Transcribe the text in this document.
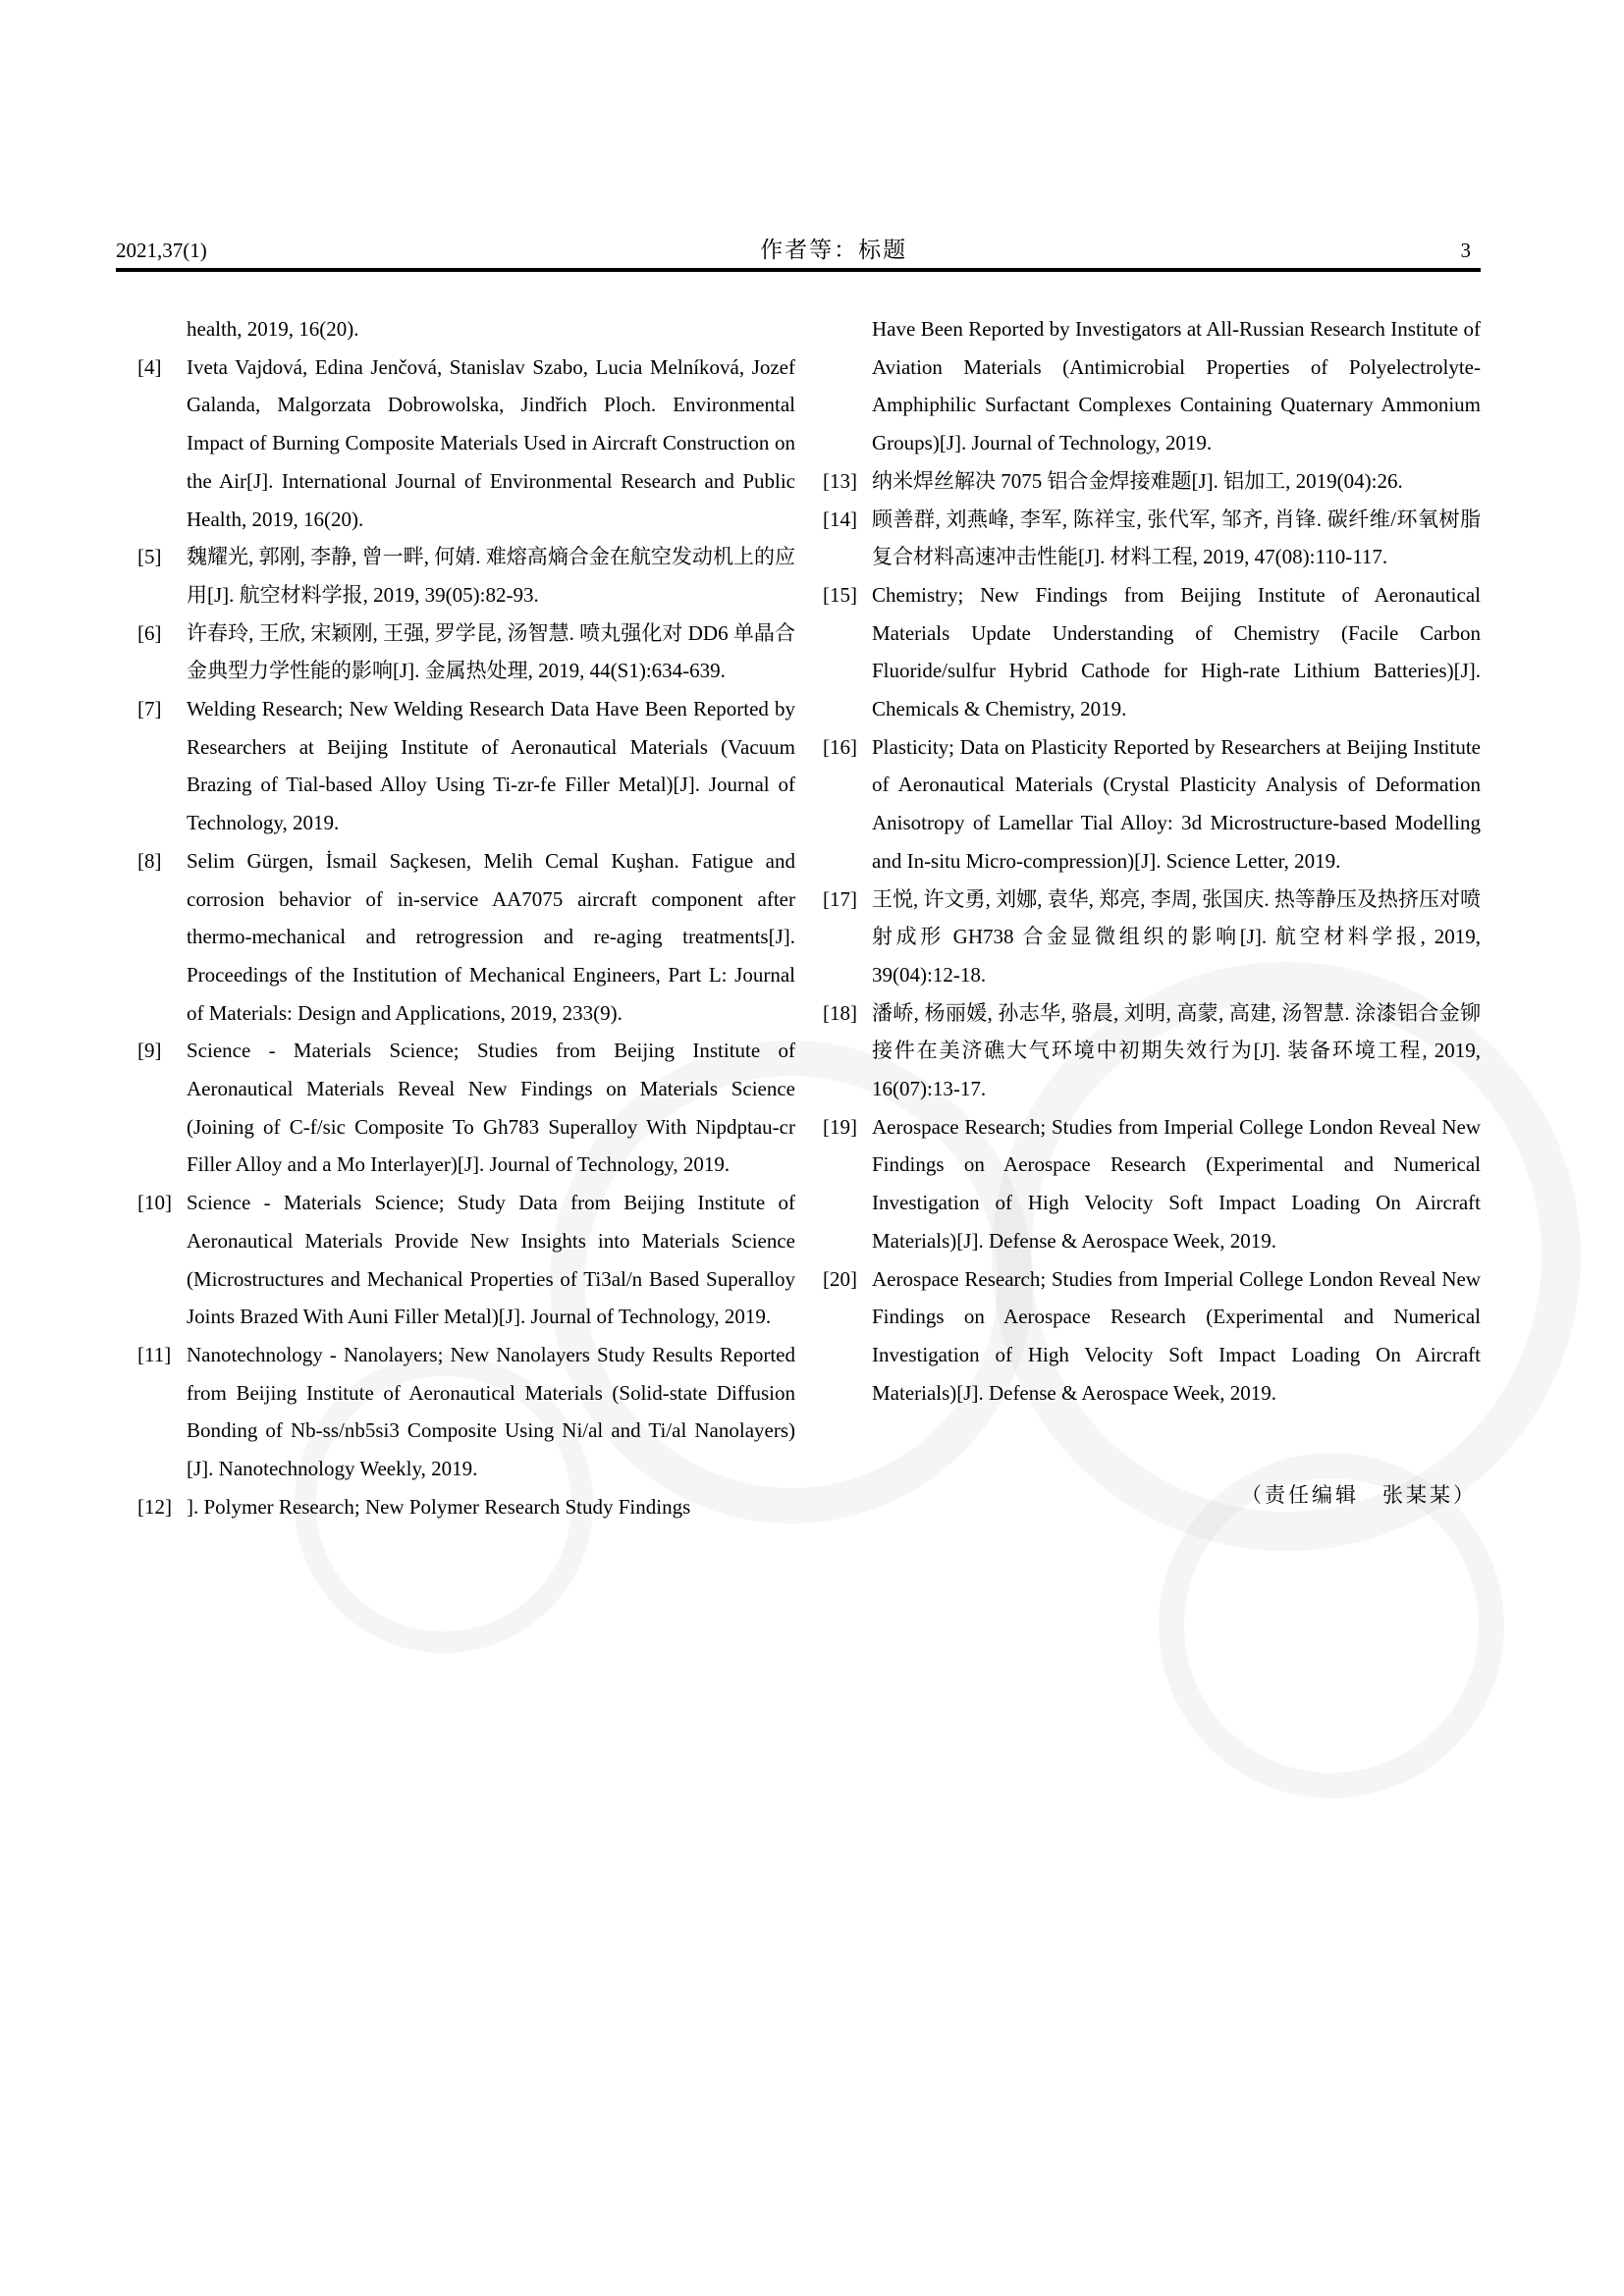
2021,37(1)	作者等：标题	3
health, 2019, 16(20).
[4] Iveta Vajdová, Edina Jenčová, Stanislav Szabo, Lucia Melníková, Jozef Galanda, Malgorzata Dobrowolska, Jindřich Ploch. Environmental Impact of Burning Composite Materials Used in Aircraft Construction on the Air[J]. International Journal of Environmental Research and Public Health, 2019, 16(20).
[5] 魏耀光, 郭刚, 李静, 曾一畔, 何婧. 难熔高熵合金在航空发动机上的应用[J]. 航空材料学报, 2019, 39(05):82-93.
[6] 许春玲, 王欣, 宋颖刚, 王强, 罗学昆, 汤智慧. 喷丸强化对 DD6 单晶合金典型力学性能的影响[J]. 金属热处理, 2019, 44(S1):634-639.
[7] Welding Research; New Welding Research Data Have Been Reported by Researchers at Beijing Institute of Aeronautical Materials (Vacuum Brazing of Tial-based Alloy Using Ti-zr-fe Filler Metal)[J]. Journal of Technology, 2019.
[8] Selim Gürgen, İsmail Saçkesen, Melih Cemal Kuşhan. Fatigue and corrosion behavior of in-service AA7075 aircraft component after thermo-mechanical and retrogression and re-aging treatments[J]. Proceedings of the Institution of Mechanical Engineers, Part L: Journal of Materials: Design and Applications, 2019, 233(9).
[9] Science - Materials Science; Studies from Beijing Institute of Aeronautical Materials Reveal New Findings on Materials Science (Joining of C-f/sic Composite To Gh783 Superalloy With Nipdptau-cr Filler Alloy and a Mo Interlayer)[J]. Journal of Technology, 2019.
[10] Science - Materials Science; Study Data from Beijing Institute of Aeronautical Materials Provide New Insights into Materials Science (Microstructures and Mechanical Properties of Ti3al/n Based Superalloy Joints Brazed With Auni Filler Metal)[J]. Journal of Technology, 2019.
[11] Nanotechnology - Nanolayers; New Nanolayers Study Results Reported from Beijing Institute of Aeronautical Materials (Solid-state Diffusion Bonding of Nb-ss/nb5si3 Composite Using Ni/al and Ti/al Nanolayers)[J]. Nanotechnology Weekly, 2019.
[12] ]. Polymer Research; New Polymer Research Study Findings
Have Been Reported by Investigators at All-Russian Research Institute of Aviation Materials (Antimicrobial Properties of Polyelectrolyte-Amphiphilic Surfactant Complexes Containing Quaternary Ammonium Groups)[J]. Journal of Technology, 2019.
[13] 纳米焊丝解决 7075 铝合金焊接难题[J]. 铝加工, 2019(04):26.
[14] 顾善群, 刘燕峰, 李军, 陈祥宝, 张代军, 邹齐, 肖锋. 碳纤维/环氧树脂复合材料高速冲击性能[J]. 材料工程, 2019, 47(08):110-117.
[15] Chemistry; New Findings from Beijing Institute of Aeronautical Materials Update Understanding of Chemistry (Facile Carbon Fluoride/sulfur Hybrid Cathode for High-rate Lithium Batteries)[J]. Chemicals & Chemistry, 2019.
[16] Plasticity; Data on Plasticity Reported by Researchers at Beijing Institute of Aeronautical Materials (Crystal Plasticity Analysis of Deformation Anisotropy of Lamellar Tial Alloy: 3d Microstructure-based Modelling and In-situ Micro-compression)[J]. Science Letter, 2019.
[17] 王悦, 许文勇, 刘娜, 袁华, 郑亮, 李周, 张国庆. 热等静压及热挤压对喷射成形 GH738 合金显微组织的影响[J]. 航空材料学报, 2019, 39(04):12-18.
[18] 潘峤, 杨丽媛, 孙志华, 骆晨, 刘明, 高蒙, 高建, 汤智慧. 涂漆铝合金铆接件在美济礁大气环境中初期失效行为[J]. 装备环境工程, 2019, 16(07):13-17.
[19] Aerospace Research; Studies from Imperial College London Reveal New Findings on Aerospace Research (Experimental and Numerical Investigation of High Velocity Soft Impact Loading On Aircraft Materials)[J]. Defense & Aerospace Week, 2019.
[20] Aerospace Research; Studies from Imperial College London Reveal New Findings on Aerospace Research (Experimental and Numerical Investigation of High Velocity Soft Impact Loading On Aircraft Materials)[J]. Defense & Aerospace Week, 2019.
（责任编辑　张某某）
